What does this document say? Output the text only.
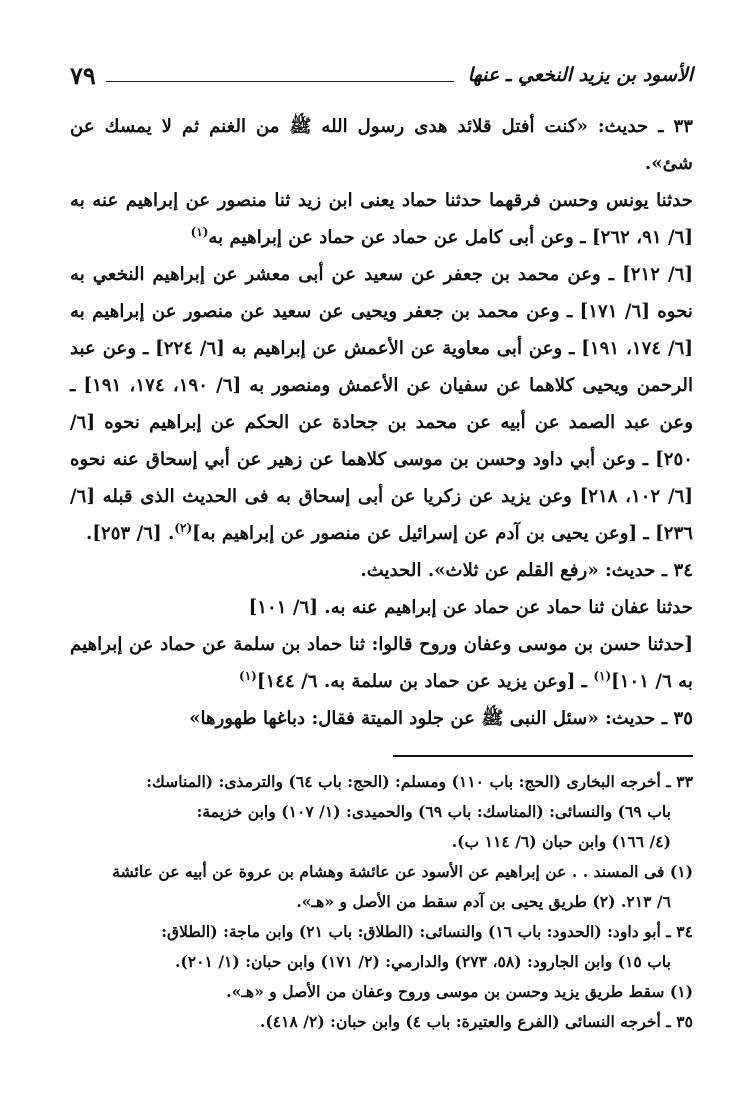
الأسود بن يزيد النخعي ـ عنها
٧٩

٣٣ ـ حديث: «كنت أفتل قلائد هدى رسول الله ﷺ من الغنم ثم لا يمسك عن شئ».

حدثنا يونس وحسن فرقهما حدثنا حماد يعنى ابن زيد ثنا منصور عن إبراهيم عنه به [٦/ ٩١، ٢٦٢] ـ وعن أبى كامل عن حماد عن حماد عن إبراهيم به$^{(١)}$

[٦/ ٢١٢] ـ وعن محمد بن جعفر عن سعيد عن أبى معشر عن إبراهيم النخعي به نحوه [٦/ ١٧١] ـ وعن محمد بن جعفر ويحيى عن سعيد عن منصور عن إبراهيم به [٦/ ١٧٤، ١٩١] ـ وعن أبى معاوية عن الأعمش عن إبراهيم به [٦/ ٢٢٤] ـ وعن عبد الرحمن ويحيى كلاهما عن سفيان عن الأعمش ومنصور به [٦/ ١٩٠، ١٧٤، ١٩١] ـ وعن عبد الصمد عن أبيه عن محمد بن جحادة عن الحكم عن إبراهيم نحوه [٦/ ٢٥٠] ـ وعن أبي داود وحسن بن موسى كلاهما عن زهير عن أبي إسحاق عنه نحوه [٦/ ١٠٢، ٢١٨] وعن يزيد عن زكريا عن أبى إسحاق به فى الحديث الذى قبله [٦/ ٢٣٦] ـ [وعن يحيى بن آدم عن إسرائيل عن منصور عن إبراهيم به]$^{(٢)}$. [٦/ ٢٥٣].

٣٤ ـ حديث: «رفع القلم عن ثلاث». الحديث.

حدثنا عفان ثنا حماد عن حماد عن إبراهيم عنه به. [٦/ ١٠١]

[حدثنا حسن بن موسى وعفان وروح قالوا: ثنا حماد بن سلمة عن حماد عن إبراهيم به ٦/ ١٠١]$^{(١)}$ ـ [وعن يزيد عن حماد بن سلمة به. ٦/ ١٤٤]$^{(١)}$

٣٥ ـ حديث: «سئل النبى ﷺ عن جلود الميتة فقال: دباغها طهورها»

٣٣ ـ أخرجه البخارى (الحج: باب ١١٠) ومسلم: (الحج: باب ٦٤) والترمذى: (المناسك:

باب ٦٩) والنسائى: (المناسك: باب ٦٩) والحميدى: (١/ ١٠٧) وابن خزيمة:

(٤/ ١٦٦) وابن حبان (٦/ ١١٤ ب).

(١) فى المسند . . عن إبراهيم عن الأسود عن عائشة وهشام بن عروة عن أبيه عن عائشة

٦/ ٢١٣. (٢) طريق يحيى بن آدم سقط من الأصل و «هـ».

٣٤ ـ أبو داود: (الحدود: باب ١٦) والنسائى: (الطلاق: باب ٢١) وابن ماجة: (الطلاق:

باب ١٥) وابن الجارود: (٥٨، ٢٧٣) والدارمي: (٢/ ١٧١) وابن حبان: (١/ ٢٠١).

(١) سقط طريق يزيد وحسن بن موسى وروح وعفان من الأصل و «هـ».

٣٥ ـ أخرجه النسائى (الفرع والعتيرة: باب ٤) وابن حبان: (٢/ ٤١٨).
